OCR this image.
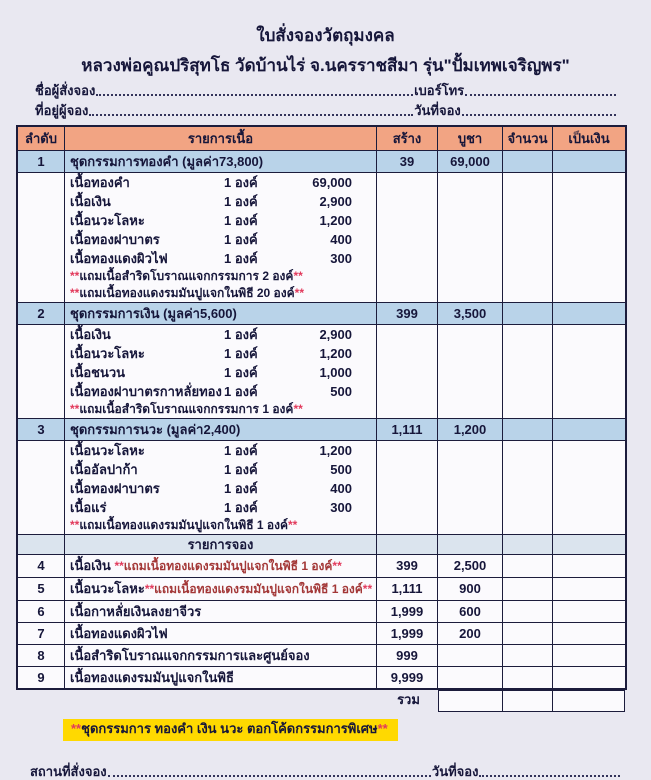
ใบสั่งจองวัตถุมงคล
หลวงพ่อคูณปริสุทโธ วัดบ้านไร่ จ.นครราชสีมา รุ่น"ปั้มเทพเจริญพร"
ชื่อผู้สั่งจอง	เบอร์โทร
ที่อยู่ผู้จอง	วันที่จอง
ลำดับ	รายการเนื้อ	สร้าง	บูชา	จำนวน	เป็นเงิน
1	ชุดกรรมการทองคำ (มูลค่า73,800)	39	69,000
เนื้อทองคำ	1 องค์	69,000
เนื้อเงิน	1 องค์	2,900
เนื้อนวะโลหะ	1 องค์	1,200
เนื้อทองฝาบาตร	1 องค์	400
เนื้อทองแดงผิวไฟ	1 องค์	300
**แถมเนื้อสำริดโบราณแจกกรรมการ 2 องค์**
**แถมเนื้อทองแดงรมมันปูแจกในพิธี 20 องค์**
2	ชุดกรรมการเงิน (มูลค่า5,600)	399	3,500
เนื้อเงิน	1 องค์	2,900
เนื้อนวะโลหะ	1 องค์	1,200
เนื้อชนวน	1 องค์	1,000
เนื้อทองฝาบาตรกาหลั่ยทอง 1 องค์	500
**แถมเนื้อสำริดโบราณแจกกรรมการ 1 องค์**
3	ชุดกรรมการนวะ (มูลค่า2,400)	1,111	1,200
เนื้อนวะโลหะ	1 องค์	1,200
เนื้ออัลปาก้า	1 องค์	500
เนื้อทองฝาบาตร	1 องค์	400
เนื้อแร่	1 องค์	300
**แถมเนื้อทองแดงรมมันปูแจกในพิธี 1 องค์**
รายการจอง
4	เนื้อเงิน **แถมเนื้อทองแดงรมมันปูแจกในพิธี 1 องค์**	399	2,500
5	เนื้อนวะโลหะ**แถมเนื้อทองแดงรมมันปูแจกในพิธี 1 องค์**	1,111	900
6	เนื้อกาหลั่ยเงินลงยาจีวร	1,999	600
7	เนื้อทองแดงผิวไฟ	1,999	200
8	เนื้อสำริดโบราณแจกกรรมการและศูนย์จอง	999
9	เนื้อทองแดงรมมันปูแจกในพิธี	9,999
รวม
**ชุดกรรมการ ทองคำ เงิน นวะ ตอกโค้ดกรรมการพิเศษ**
สถานที่สั่งจอง	วันที่จอง
